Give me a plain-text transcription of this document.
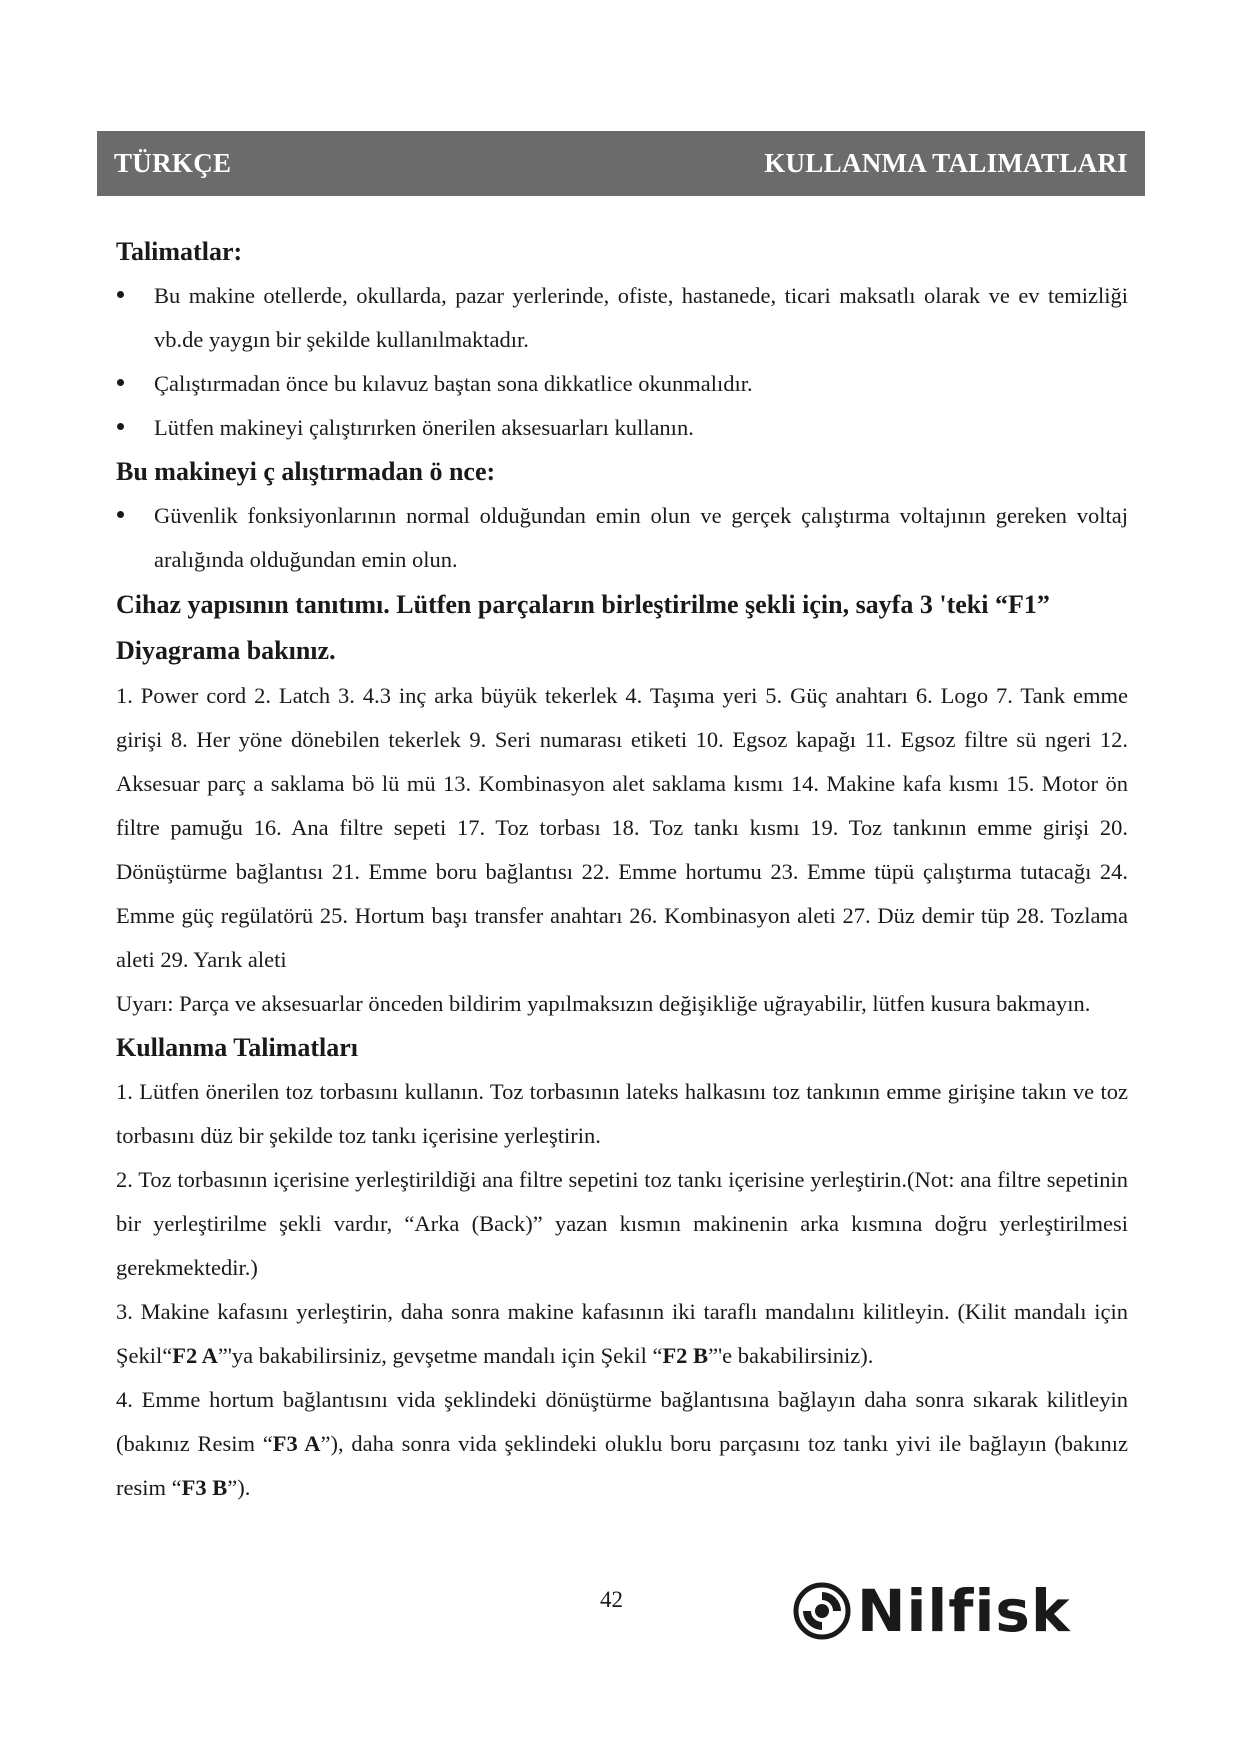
TÜRKÇE	KULLANMA TALIMATLARI
Talimatlar:
Bu makine otellerde, okullarda, pazar yerlerinde, ofiste, hastanede, ticari maksatlı olarak ve ev temizliği vb.de yaygın bir şekilde kullanılmaktadır.
Çalıştırmadan önce bu kılavuz baştan sona dikkatlice okunmalıdır.
Lütfen makineyi çalıştırırken önerilen aksesuarları kullanın.
Bu makineyi ç alıştırmadan ö nce:
Güvenlik fonksiyonlarının normal olduğundan emin olun ve gerçek çalıştırma voltajının gereken voltaj aralığında olduğundan emin olun.
Cihaz yapısının tanıtımı. Lütfen parçaların birleştirilme şekli için, sayfa 3 'teki “F1” Diyagrama bakınız.

1. Power cord 2. Latch 3. 4.3 inç arka büyük tekerlek 4. Taşıma yeri 5. Güç anahtarı 6. Logo 7. Tank emme girişi 8. Her yöne dönebilen tekerlek 9. Seri numarası etiketi 10. Egsoz kapağı 11. Egsoz filtre sü ngeri 12. Aksesuar parç a saklama bö lü mü 13. Kombinasyon alet saklama kısmı 14. Makine kafa kısmı 15. Motor ön filtre pamuğu 16. Ana filtre sepeti 17. Toz torbası 18. Toz tankı kısmı 19. Toz tankının emme girişi 20. Dönüştürme bağlantısı 21. Emme boru bağlantısı 22. Emme hortumu 23. Emme tüpü çalıştırma tutacağı 24. Emme güç regülatörü 25. Hortum başı transfer anahtarı 26. Kombinasyon aleti 27. Düz demir tüp 28. Tozlama aleti 29. Yarık aleti

Uyarı: Parça ve aksesuarlar önceden bildirim yapılmaksızın değişikliğe uğrayabilir, lütfen kusura bakmayın.

Kullanma Talimatları

1. Lütfen önerilen toz torbasını kullanın. Toz torbasının lateks halkasını toz tankının emme girişine takın ve toz torbasını düz bir şekilde toz tankı içerisine yerleştirin.

2. Toz torbasının içerisine yerleştirildiği ana filtre sepetini toz tankı içerisine yerleştirin.(Not: ana filtre sepetinin bir yerleştirilme şekli vardır, “Arka (Back)” yazan kısmın makinenin arka kısmına doğru yerleştirilmesi gerekmektedir.)

3. Makine kafasını yerleştirin, daha sonra makine kafasının iki taraflı mandalını kilitleyin. (Kilit mandalı için Şekil“F2 A”'ya bakabilirsiniz, gevşetme mandalı için Şekil “F2 B”'e bakabilirsiniz).

4. Emme hortum bağlantısını vida şeklindeki dönüştürme bağlantısına bağlayın daha sonra sıkarak kilitleyin (bakınız Resim “F3 A”), daha sonra vida şeklindeki oluklu boru parçasını toz tankı yivi ile bağlayın (bakınız resim “F3 B”).

42	Nilfisk
